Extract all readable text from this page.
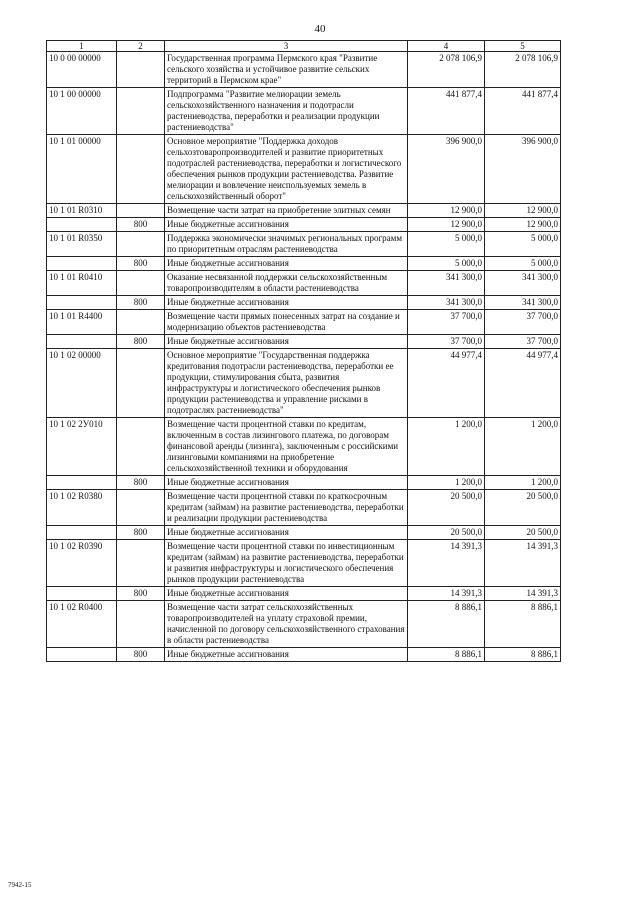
40
1	2	3	4	5
10 0 00 00000		Государственная программа Пермского края "Развитие сельского хозяйства и устойчивое развитие сельских территорий в Пермском крае"	2 078 106,9	2 078 106,9
10 1 00 00000		Подпрограмма "Развитие мелиорации земель сельскохозяйственного назначения и подотрасли растениеводства, переработки и реализации продукции растениеводства"	441 877,4	441 877,4
10 1 01 00000		Основное мероприятие "Поддержка доходов сельхозтоваропроизводителей и развитие приоритетных подотраслей растениеводства, переработки и логистического обеспечения рынков продукции растениеводства. Развитие мелиорации и вовлечение неиспользуемых земель в сельскохозяйственный оборот"	396 900,0	396 900,0
10 1 01 R0310		Возмещение части затрат на приобретение элитных семян	12 900,0	12 900,0
	800	Иные бюджетные ассигнования	12 900,0	12 900,0
10 1 01 R0350		Поддержка экономически значимых региональных программ по приоритетным отраслям растениеводства	5 000,0	5 000,0
	800	Иные бюджетные ассигнования	5 000,0	5 000,0
10 1 01 R0410		Оказание несвязанной поддержки сельскохозяйственным товаропроизводителям в области растениеводства	341 300,0	341 300,0
	800	Иные бюджетные ассигнования	341 300,0	341 300,0
10 1 01 R4400		Возмещение части прямых понесенных затрат на создание и модернизацию объектов растениеводства	37 700,0	37 700,0
	800	Иные бюджетные ассигнования	37 700,0	37 700,0
10 1 02 00000		Основное мероприятие "Государственная поддержка кредитования подотрасли растениеводства, переработки ее продукции, стимулирования сбыта, развития инфраструктуры и логистического обеспечения рынков продукции растениеводства и управление рисками в подотраслях растениеводства"	44 977,4	44 977,4
10 1 02 2У010		Возмещение части процентной ставки по кредитам, включенным в состав лизингового платежа, по договорам финансовой аренды (лизинга), заключенным с российскими лизинговыми компаниями на приобретение сельскохозяйственной техники и оборудования	1 200,0	1 200,0
	800	Иные бюджетные ассигнования	1 200,0	1 200,0
10 1 02 R0380		Возмещение части процентной ставки по краткосрочным кредитам (займам) на развитие растениеводства, переработки и реализации продукции растениеводства	20 500,0	20 500,0
	800	Иные бюджетные ассигнования	20 500,0	20 500,0
10 1 02 R0390		Возмещение части процентной ставки по инвестиционным кредитам (займам) на развитие растениеводства, переработки и развития инфраструктуры и логистического обеспечения рынков продукции растениеводства	14 391,3	14 391,3
	800	Иные бюджетные ассигнования	14 391,3	14 391,3
10 1 02 R0400		Возмещение части затрат сельскохозяйственных товаропроизводителей на уплату страховой премии, начисленной по договору сельскохозяйственного страхования в области растениеводства	8 886,1	8 886,1
	800	Иные бюджетные ассигнования	8 886,1	8 886,1
7942-15
